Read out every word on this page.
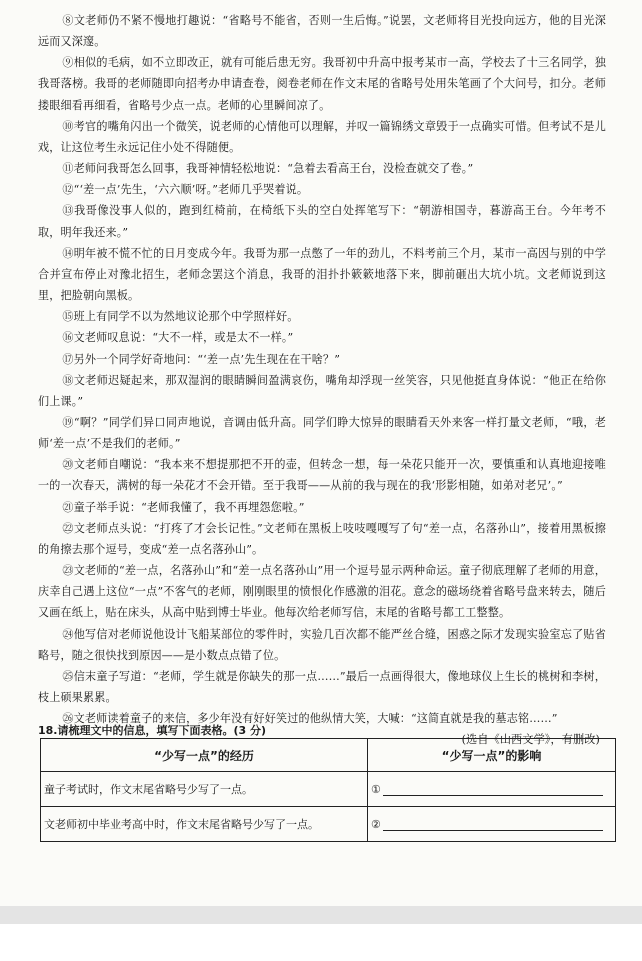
⑧文老师仍不紧不慢地打趣说：“省略号不能省，否则一生后悔。”说罢，文老师将目光投向远方，他的目光深远而又深邃。

⑨相似的毛病，如不立即改正，就有可能后患无穷。我哥初中升高中报考某市一高，学校去了十三名同学，独我哥落榜。我哥的老师随即向招考办申请查卷，阅卷老师在作文末尾的省略号处用朱笔画了个大问号，扣分。老师搂眼细看再细看，省略号少点一点。老师的心里瞬间凉了。

⑩考官的嘴角闪出一个微笑，说老师的心情他可以理解，并叹一篇锦绣文章毁于一点确实可惜。但考试不是儿戏，让这位考生永远记住小处不得随便。

⑪老师问我哥怎么回事，我哥神情轻松地说：“急着去看高王台，没检查就交了卷。”

⑫“‘差一点’先生，‘六六顺’呀。”老师几乎哭着说。

⑬我哥像没事人似的，跑到红椅前，在椅纸下头的空白处挥笔写下：“朝游相国寺，暮游高王台。今年考不取，明年我还来。”

⑭明年被不慌不忙的日月变成今年。我哥为那一点憋了一年的劲儿，不料考前三个月，某市一高因与别的中学合并宣布停止对豫北招生，老师念罢这个消息，我哥的泪扑扑簌簌地落下来，脚前砸出大坑小坑。文老师说到这里，把脸朝向黑板。

⑮班上有同学不以为然地议论那个中学照样好。

⑯文老师叹息说：“大不一样，或是太不一样。”

⑰另外一个同学好奇地问：“‘差一点’先生现在在干啥？”

⑱文老师迟疑起来，那双湿润的眼睛瞬间盈满哀伤，嘴角却浮现一丝笑容，只见他挺直身体说：“他正在给你们上课。”

⑲“啊？”同学们异口同声地说，音调由低升高。同学们睁大惊异的眼睛看天外来客一样打量文老师，“哦，老师‘差一点’不是我们的老师。”

⑳文老师自嘲说：“我本来不想提那把不开的壶，但转念一想，每一朵花只能开一次，要慎重和认真地迎接唯一的一次春天，满树的每一朵花才不会开错。至于我哥——从前的我与现在的我‘形影相随，如弟对老兄’。”

㉑童子举手说：“老师我懂了，我不再埋怨您啦。”

㉒文老师点头说：“打疼了才会长记性。”文老师在黑板上吱吱嘎嘎写了句“差一点，名落孙山”，接着用黑板擦的角擦去那个逗号，变成“差一点名落孙山”。

㉓文老师的“差一点，名落孙山”和“差一点名落孙山”用一个逗号显示两种命运。童子彻底理解了老师的用意，庆幸自己遇上这位“一点”不客气的老师，刚刚眼里的愤恨化作感激的泪花。意念的磁场绕着省略号盘来转去，随后又画在纸上，贴在床头，从高中贴到博士毕业。他每次给老师写信，末尾的省略号都工工整整。

㉔他写信对老师说他设计飞船某部位的零件时，实验几百次都不能严丝合缝，困惑之际才发现实验室忘了贴省略号，随之很快找到原因——是小数点点错了位。

㉕信末童子写道：“老师，学生就是你缺失的那一点……”最后一点画得很大，像地球仪上生长的桃树和李树，枝上硕果累累。

㉖文老师读着童子的来信，多少年没有好好笑过的他纵情大笑，大喊：“这简直就是我的墓志铭……”

(选自《山西文学》，有删改)

18.请梳理文中的信息，填写下面表格。(3 分)
“少写一点”的经历	“少写一点”的影响
童子考试时，作文末尾省略号少写了一点。	①
文老师初中毕业考高中时，作文末尾省略号少写了一点。	②
